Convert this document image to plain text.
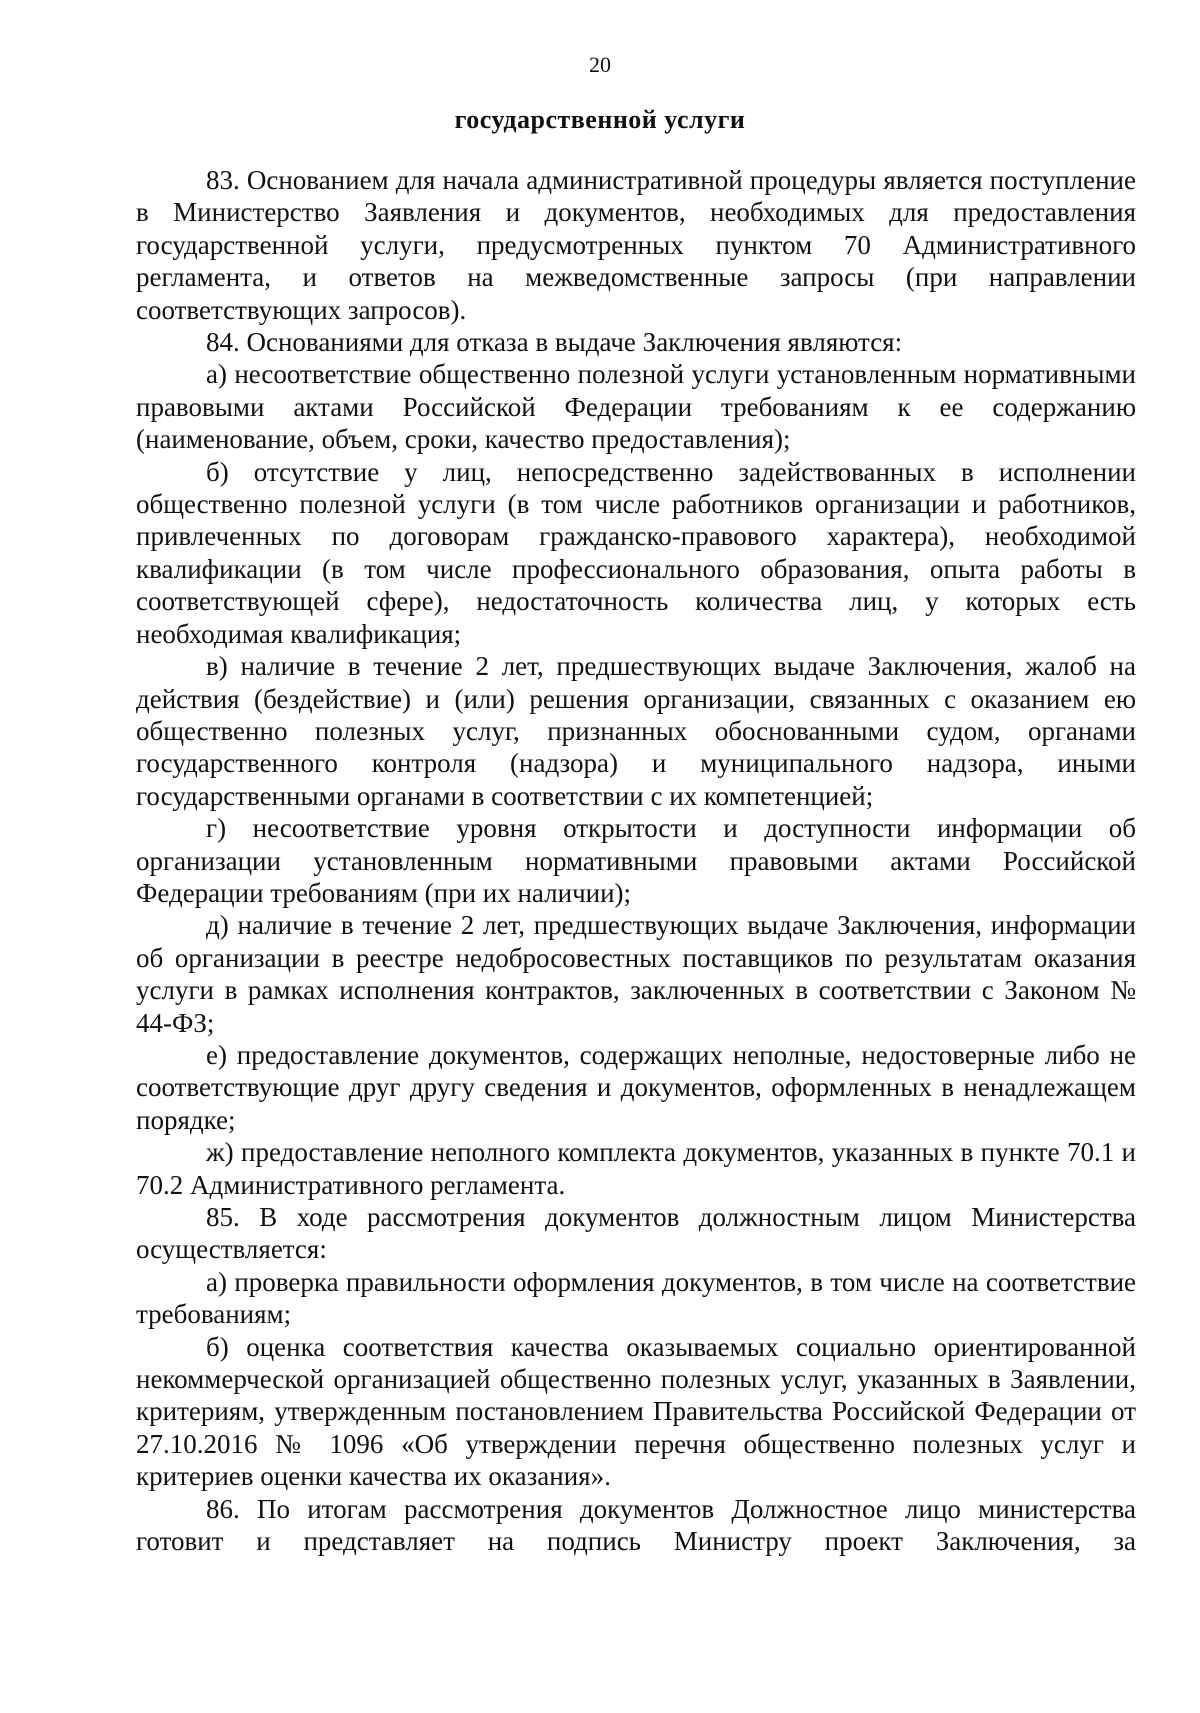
20
государственной услуги

83. Основанием для начала административной процедуры является поступление в Министерство Заявления и документов, необходимых для предоставления государственной услуги, предусмотренных пунктом 70 Административного регламента, и ответов на межведомственные запросы (при направлении соответствующих запросов).

84. Основаниями для отказа в выдаче Заключения являются:

а) несоответствие общественно полезной услуги установленным нормативными правовыми актами Российской Федерации требованиям к ее содержанию (наименование, объем, сроки, качество предоставления);

б) отсутствие у лиц, непосредственно задействованных в исполнении общественно полезной услуги (в том числе работников организации и работников, привлеченных по договорам гражданско-правового характера), необходимой квалификации (в том числе профессионального образования, опыта работы в соответствующей сфере), недостаточность количества лиц, у которых есть необходимая квалификация;

в) наличие в течение 2 лет, предшествующих выдаче Заключения, жалоб на действия (бездействие) и (или) решения организации, связанных с оказанием ею общественно полезных услуг, признанных обоснованными судом, органами государственного контроля (надзора) и муниципального надзора, иными государственными органами в соответствии с их компетенцией;

г) несоответствие уровня открытости и доступности информации об организации установленным нормативными правовыми актами Российской Федерации требованиям (при их наличии);

д) наличие в течение 2 лет, предшествующих выдаче Заключения, информации об организации в реестре недобросовестных поставщиков по результатам оказания услуги в рамках исполнения контрактов, заключенных в соответствии с Законом № 44-ФЗ;

е) предоставление документов, содержащих неполные, недостоверные либо не соответствующие друг другу сведения и документов, оформленных в ненадлежащем порядке;

ж) предоставление неполного комплекта документов, указанных в пункте 70.1 и 70.2 Административного регламента.

85. В ходе рассмотрения документов должностным лицом Министерства осуществляется:

а) проверка правильности оформления документов, в том числе на соответствие требованиям;

б) оценка соответствия качества оказываемых социально ориентированной некоммерческой организацией общественно полезных услуг, указанных в Заявлении, критериям, утвержденным постановлением Правительства Российской Федерации от 27.10.2016 № 1096 «Об утверждении перечня общественно полезных услуг и критериев оценки качества их оказания».

86. По итогам рассмотрения документов Должностное лицо министерства готовит и представляет на подпись Министру проект Заключения, за
